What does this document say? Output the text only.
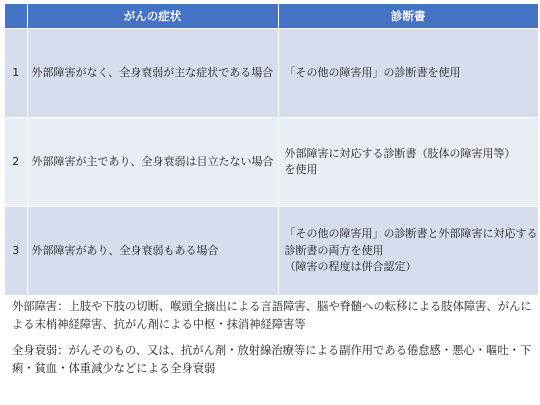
	がんの症状	診断書
1	外部障害がなく、全身衰弱が主な症状である場合	「その他の障害用」の診断書を使用

2	外部障害が主であり、全身衰弱は目立たない場合	外部障害に対応する診断書（肢体の障害用等）
を使用

3	外部障害があり、全身衰弱もある場合	「その他の障害用」の診断書と外部障害に対応する
診断書の両方を使用
（障害の程度は併合認定）

外部障害：上肢や下肢の切断、喉頭全摘出による言語障害、脳や脊髄への転移による肢体障害、がんによる末梢神経障害、抗がん剤による中枢・抹消神経障害等

全身衰弱：がんそのもの、又は、抗がん剤・放射線治療等による副作用である倦怠感・悪心・嘔吐・下痢・貧血・体重減少などによる全身衰弱
